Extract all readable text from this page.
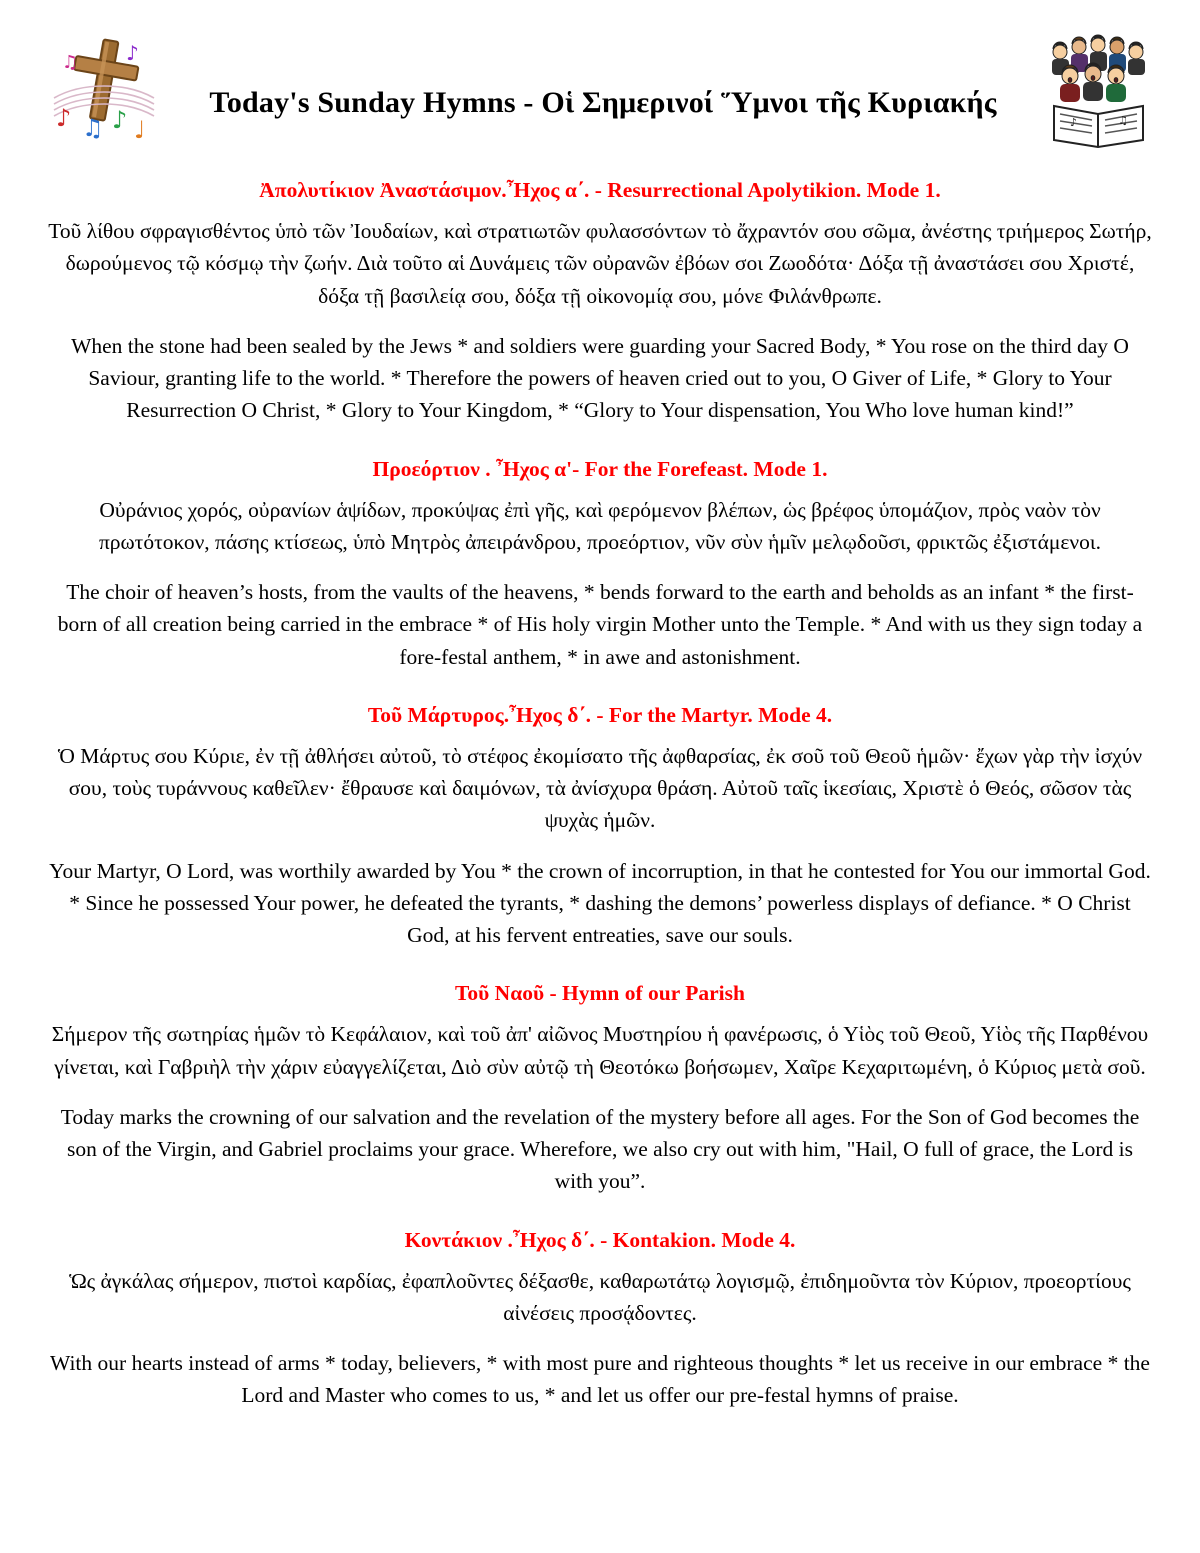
♪ ♫ ♪ ♩
♪
♫
Today's Sunday Hymns - Οἱ Σημερινοί Ὕμνοι τῆς Κυριακής
♪	♫
Ἀπολυτίκιον Ἀναστάσιμον.Ἦχος α΄. - Resurrectional Apolytikion. Mode 1.

Τοῦ λίθου σφραγισθέντος ὑπὸ τῶν Ἰουδαίων, καὶ στρατιωτῶν φυλασσόντων τὸ ἄχραντόν σου σῶμα, ἀνέστης τριήμερος Σωτήρ, δωρούμενος τῷ κόσμῳ τὴν ζωήν. Διὰ τοῦτο αἱ Δυνάμεις τῶν οὐρανῶν ἐβόων σοι Ζωοδότα· Δόξα τῇ ἀναστάσει σου Χριστέ, δόξα τῇ βασιλείᾳ σου, δόξα τῇ οἰκονομίᾳ σου, μόνε Φιλάνθρωπε.

When the stone had been sealed by the Jews * and soldiers were guarding your Sacred Body, * You rose on the third day O Saviour, granting life to the world. * Therefore the powers of heaven cried out to you, O Giver of Life, * Glory to Your Resurrection O Christ, * Glory to Your Kingdom, * “Glory to Your dispensation, You Who love human kind!”

Προεόρτιον . Ἦχος α'- For the Forefeast. Mode 1.

Οὐράνιος χορός, οὐρανίων ἁψίδων, προκύψας ἐπὶ γῆς, καὶ φερόμενον βλέπων, ὡς βρέφος ὑπομάζιον, πρὸς ναὸν τὸν πρωτότοκον, πάσης κτίσεως, ὑπὸ Μητρὸς ἀπειράνδρου, προεόρτιον, νῦν σὺν ἡμῖν μελῳδοῦσι, φρικτῶς ἐξιστάμενοι.

The choir of heaven’s hosts, from the vaults of the heavens, * bends forward to the earth and beholds as an infant * the first-born of all creation being carried in the embrace * of His holy virgin Mother unto the Temple. * And with us they sign today a fore-festal anthem, * in awe and astonishment.

Τοῦ Μάρτυρος.Ἦχος δ΄. - For the Martyr. Mode 4.

Ὁ Μάρτυς σου Κύριε, ἐν τῇ ἀθλήσει αὐτοῦ, τὸ στέφος ἐκομίσατο τῆς ἀφθαρσίας, ἐκ σοῦ τοῦ Θεοῦ ἡμῶν· ἔχων γὰρ τὴν ἰσχύν σου, τοὺς τυράννους καθεῖλεν· ἔθραυσε καὶ δαιμόνων, τὰ ἀνίσχυρα θράση. Αὐτοῦ ταῖς ἱκεσίαις, Χριστὲ ὁ Θεός, σῶσον τὰς ψυχὰς ἡμῶν.

Your Martyr, O Lord, was worthily awarded by You * the crown of incorruption, in that he contested for You our immortal God. * Since he possessed Your power, he defeated the tyrants, * dashing the demons’ powerless displays of defiance. * O Christ God, at his fervent entreaties, save our souls.

Τοῦ Ναοῦ - Hymn of our Parish

Σήμερον τῆς σωτηρίας ἡμῶν τὸ Κεφάλαιον, καὶ τοῦ ἀπ' αἰῶνος Μυστηρίου ἡ φανέρωσις, ὁ Υἱὸς τοῦ Θεοῦ, Υἱὸς τῆς Παρθένου γίνεται, καὶ Γαβριὴλ τὴν χάριν εὐαγγελίζεται, Διὸ σὺν αὐτῷ τὴ Θεοτόκω βοήσωμεν, Χαῖρε Κεχαριτωμένη, ὁ Κύριος μετὰ σοῦ.

Today marks the crowning of our salvation and the revelation of the mystery before all ages. For the Son of God becomes the son of the Virgin, and Gabriel proclaims your grace. Wherefore, we also cry out with him, "Hail, O full of grace, the Lord is with you”.

Κοντάκιον .Ἦχος δ΄. - Kontakion. Mode 4.

Ὡς ἀγκάλας σήμερον, πιστοὶ καρδίας, ἐφαπλοῦντες δέξασθε, καθαρωτάτῳ λογισμῷ, ἐπιδημοῦντα τὸν Κύριον, προεορτίους αἰνέσεις προσᾴδοντες.

With our hearts instead of arms * today, believers, * with most pure and righteous thoughts * let us receive in our embrace * the Lord and Master who comes to us, * and let us offer our pre-festal hymns of praise.
